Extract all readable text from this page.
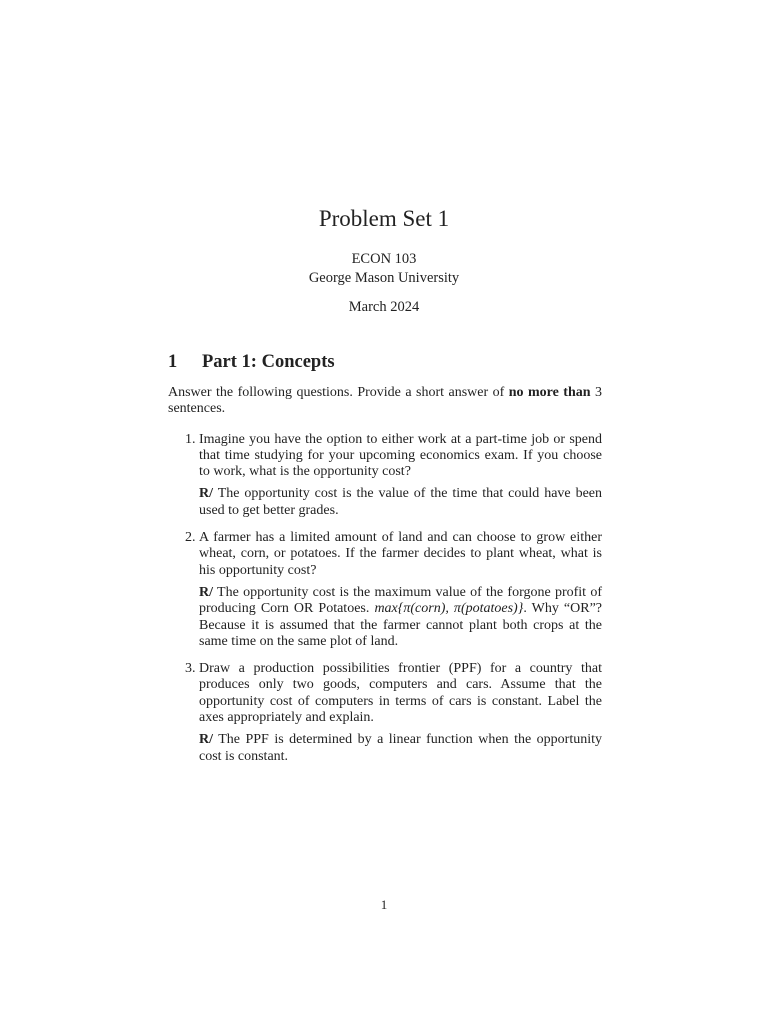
Problem Set 1
ECON 103
George Mason University
March 2024
1 Part 1: Concepts

Answer the following questions. Provide a short answer of no more than 3 sentences.

1. Imagine you have the option to either work at a part-time job or spend that time studying for your upcoming economics exam. If you choose to work, what is the opportunity cost?

R/ The opportunity cost is the value of the time that could have been used to get better grades.

2. A farmer has a limited amount of land and can choose to grow either wheat, corn, or potatoes. If the farmer decides to plant wheat, what is his opportunity cost?

R/ The opportunity cost is the maximum value of the forgone profit of producing Corn OR Potatoes. max{π(corn), π(potatoes)}. Why “OR”? Because it is assumed that the farmer cannot plant both crops at the same time on the same plot of land.

3. Draw a production possibilities frontier (PPF) for a country that produces only two goods, computers and cars. Assume that the opportunity cost of computers in terms of cars is constant. Label the axes appropriately and explain.

R/ The PPF is determined by a linear function when the opportunity cost is constant.

1
